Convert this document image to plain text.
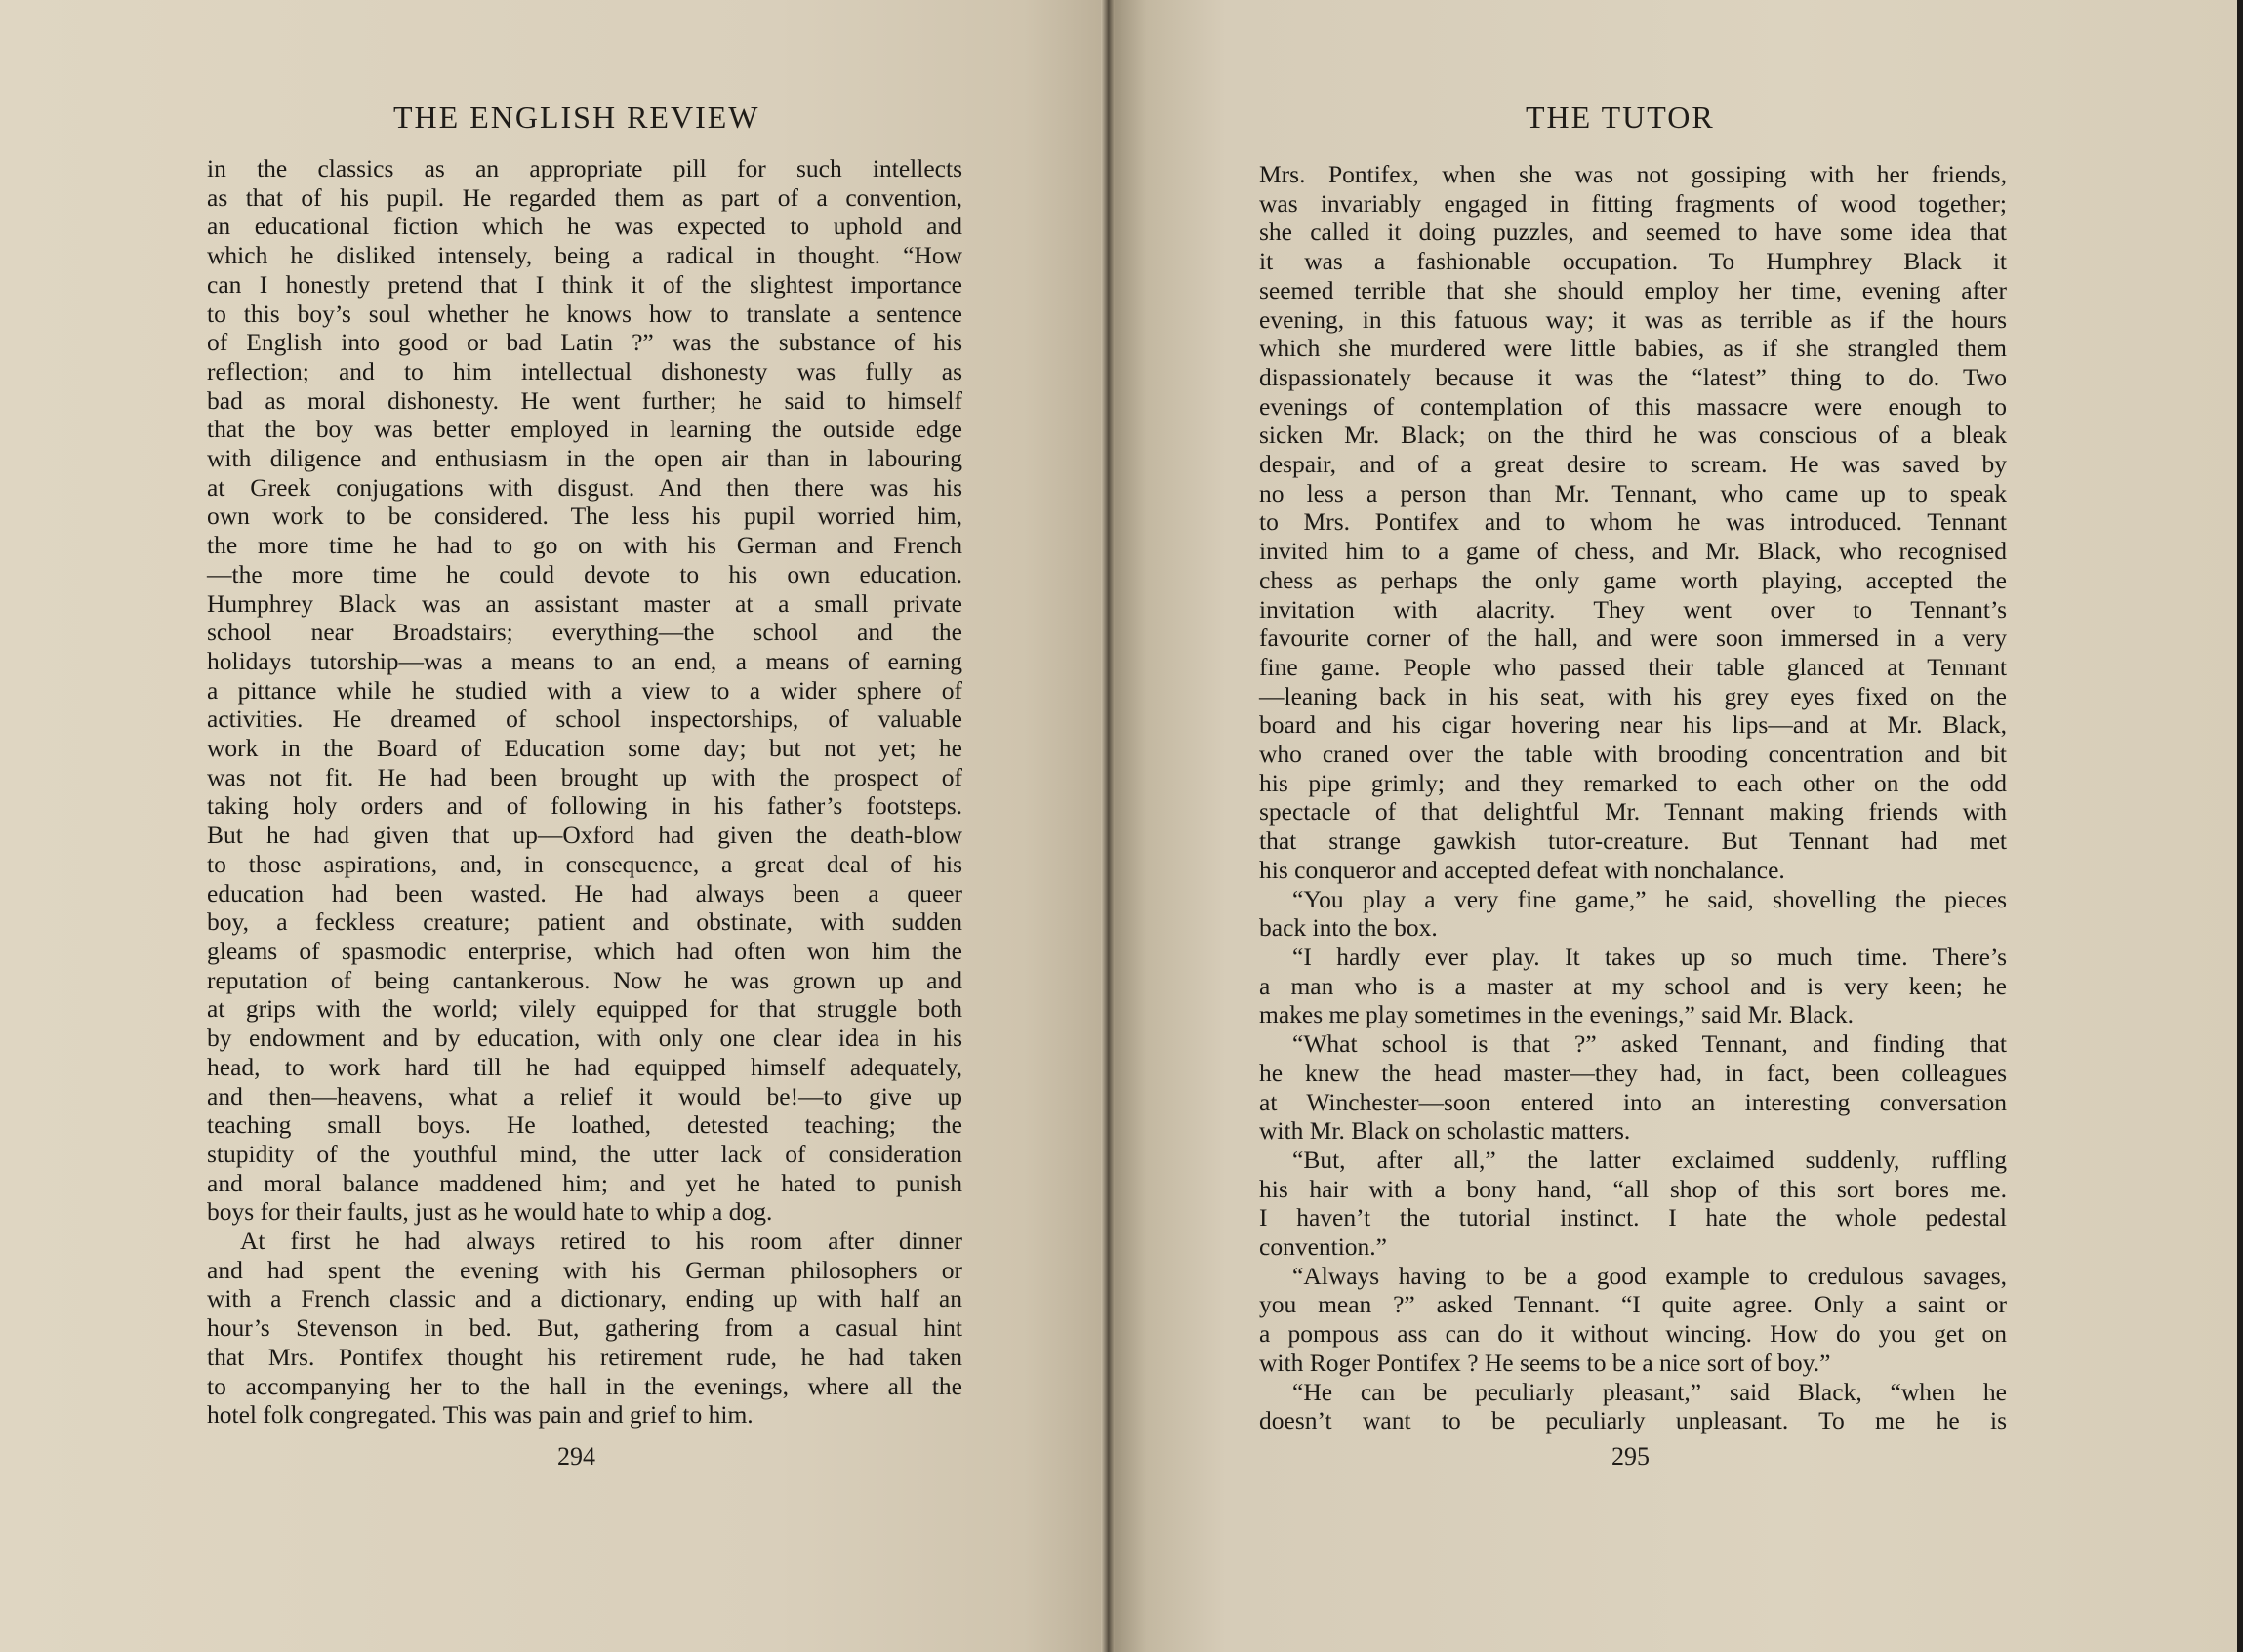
THE ENGLISH REVIEW	THE TUTOR
in the classics as an appropriate pill for such intellects
as that of his pupil. He regarded them as part of a convention,
an educational fiction which he was expected to uphold and
which he disliked intensely, being a radical in thought. “How
can I honestly pretend that I think it of the slightest importance
to this boy’s soul whether he knows how to translate a sentence
of English into good or bad Latin ?” was the substance of his
reflection; and to him intellectual dishonesty was fully as
bad as moral dishonesty. He went further; he said to himself
that the boy was better employed in learning the outside edge
with diligence and enthusiasm in the open air than in labouring
at Greek conjugations with disgust. And then there was his
own work to be considered. The less his pupil worried him,
the more time he had to go on with his German and French
—the more time he could devote to his own education.
Humphrey Black was an assistant master at a small private
school near Broadstairs; everything—the school and the
holidays tutorship—was a means to an end, a means of earning
a pittance while he studied with a view to a wider sphere of
activities. He dreamed of school inspectorships, of valuable
work in the Board of Education some day; but not yet; he
was not fit. He had been brought up with the prospect of
taking holy orders and of following in his father’s footsteps.
But he had given that up—Oxford had given the death-blow
to those aspirations, and, in consequence, a great deal of his
education had been wasted. He had always been a queer
boy, a feckless creature; patient and obstinate, with sudden
gleams of spasmodic enterprise, which had often won him the
reputation of being cantankerous. Now he was grown up and
at grips with the world; vilely equipped for that struggle both
by endowment and by education, with only one clear idea in his
head, to work hard till he had equipped himself adequately,
and then—heavens, what a relief it would be!—to give up
teaching small boys. He loathed, detested teaching; the
stupidity of the youthful mind, the utter lack of consideration
and moral balance maddened him; and yet he hated to punish
boys for their faults, just as he would hate to whip a dog.
At first he had always retired to his room after dinner
and had spent the evening with his German philosophers or
with a French classic and a dictionary, ending up with half an
hour’s Stevenson in bed. But, gathering from a casual hint
that Mrs. Pontifex thought his retirement rude, he had taken
to accompanying her to the hall in the evenings, where all the
hotel folk congregated. This was pain and grief to him.
Mrs. Pontifex, when she was not gossiping with her friends,
was invariably engaged in fitting fragments of wood together;
she called it doing puzzles, and seemed to have some idea that
it was a fashionable occupation. To Humphrey Black it
seemed terrible that she should employ her time, evening after
evening, in this fatuous way; it was as terrible as if the hours
which she murdered were little babies, as if she strangled them
dispassionately because it was the “latest” thing to do. Two
evenings of contemplation of this massacre were enough to
sicken Mr. Black; on the third he was conscious of a bleak
despair, and of a great desire to scream. He was saved by
no less a person than Mr. Tennant, who came up to speak
to Mrs. Pontifex and to whom he was introduced. Tennant
invited him to a game of chess, and Mr. Black, who recognised
chess as perhaps the only game worth playing, accepted the
invitation with alacrity. They went over to Tennant’s
favourite corner of the hall, and were soon immersed in a very
fine game. People who passed their table glanced at Tennant
—leaning back in his seat, with his grey eyes fixed on the
board and his cigar hovering near his lips—and at Mr. Black,
who craned over the table with brooding concentration and bit
his pipe grimly; and they remarked to each other on the odd
spectacle of that delightful Mr. Tennant making friends with
that strange gawkish tutor-creature. But Tennant had met
his conqueror and accepted defeat with nonchalance.
“You play a very fine game,” he said, shovelling the pieces
back into the box.
“I hardly ever play. It takes up so much time. There’s
a man who is a master at my school and is very keen; he
makes me play sometimes in the evenings,” said Mr. Black.
“What school is that ?” asked Tennant, and finding that
he knew the head master—they had, in fact, been colleagues
at Winchester—soon entered into an interesting conversation
with Mr. Black on scholastic matters.
“But, after all,” the latter exclaimed suddenly, ruffling
his hair with a bony hand, “all shop of this sort bores me.
I haven’t the tutorial instinct. I hate the whole pedestal
convention.”
“Always having to be a good example to credulous savages,
you mean ?” asked Tennant. “I quite agree. Only a saint or
a pompous ass can do it without wincing. How do you get on
with Roger Pontifex ? He seems to be a nice sort of boy.”
“He can be peculiarly pleasant,” said Black, “when he
doesn’t want to be peculiarly unpleasant. To me he is
294	295
